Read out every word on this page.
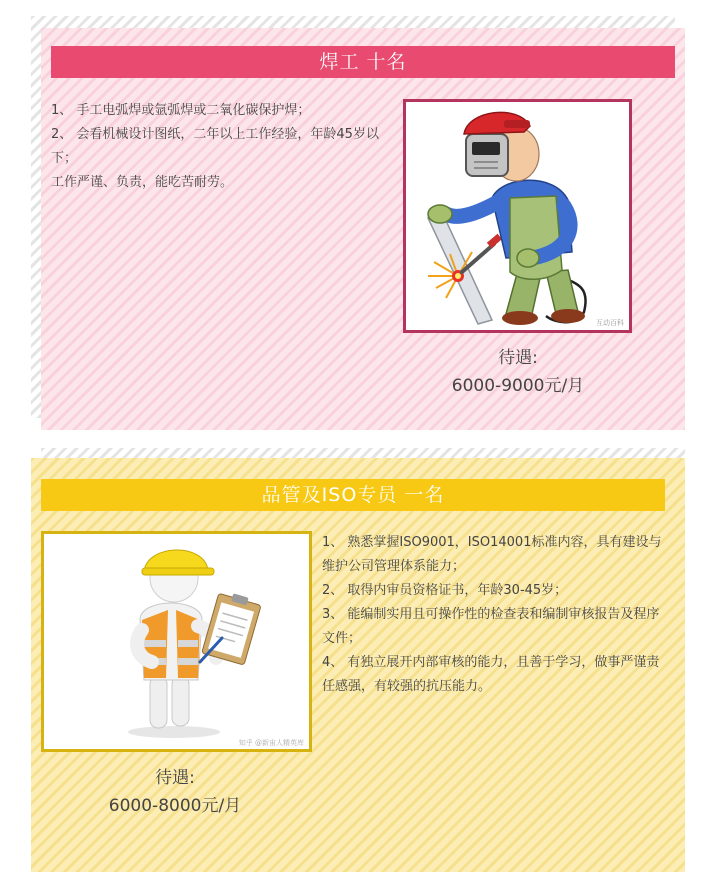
焊工 十名

1、 手工电弧焊或氩弧焊或二氧化碳保护焊；

2、 会看机械设计图纸，二年以上工作经验，年龄45岁以下；

工作严谨、负责，能吃苦耐劳。

互动百科
待遇:
6000-9000元/月
品管及ISO专员 一名
知乎 @新宙人精英库

1、 熟悉掌握ISO9001，ISO14001标准内容，具有建设与维护公司管理体系能力；

2、 取得内审员资格证书，年龄30-45岁；

3、 能编制实用且可操作性的检查表和编制审核报告及程序文件；

4、 有独立展开内部审核的能力，且善于学习，做事严谨责任感强，有较强的抗压能力。

待遇:
6000-8000元/月
